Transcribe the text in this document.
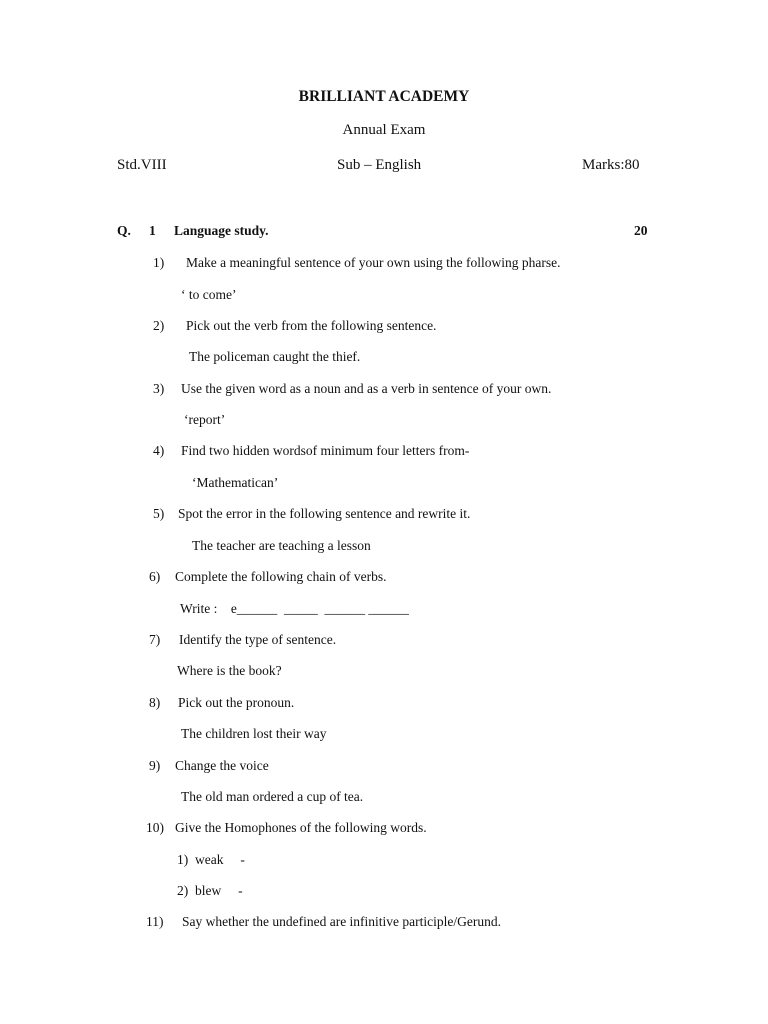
BRILLIANT ACADEMY
Annual Exam
Std.VIII	Sub – English	Marks:80
Q. 1 Language study.	20
1) Make a meaningful sentence of your own using the following pharse.
‘ to come’
2) Pick out the verb from the following sentence.
The policeman caught the thief.
3) Use the given word as a noun and as a verb in sentence of your own.
‘report’
4) Find two hidden wordsof minimum four letters from-
‘Mathematican’
5) Spot the error in the following sentence and rewrite it.
The teacher are teaching a lesson
6) Complete the following chain of verbs.
Write :    e______  _____  ______ ______
7) Identify the type of sentence.
Where is the book?
8) Pick out the pronoun.
The children lost their way
9) Change the voice
The old man ordered a cup of tea.
10) Give the Homophones of the following words.
1)  weak     -
2)  blew     -
11) Say whether the undefined are infinitive participle/Gerund.
